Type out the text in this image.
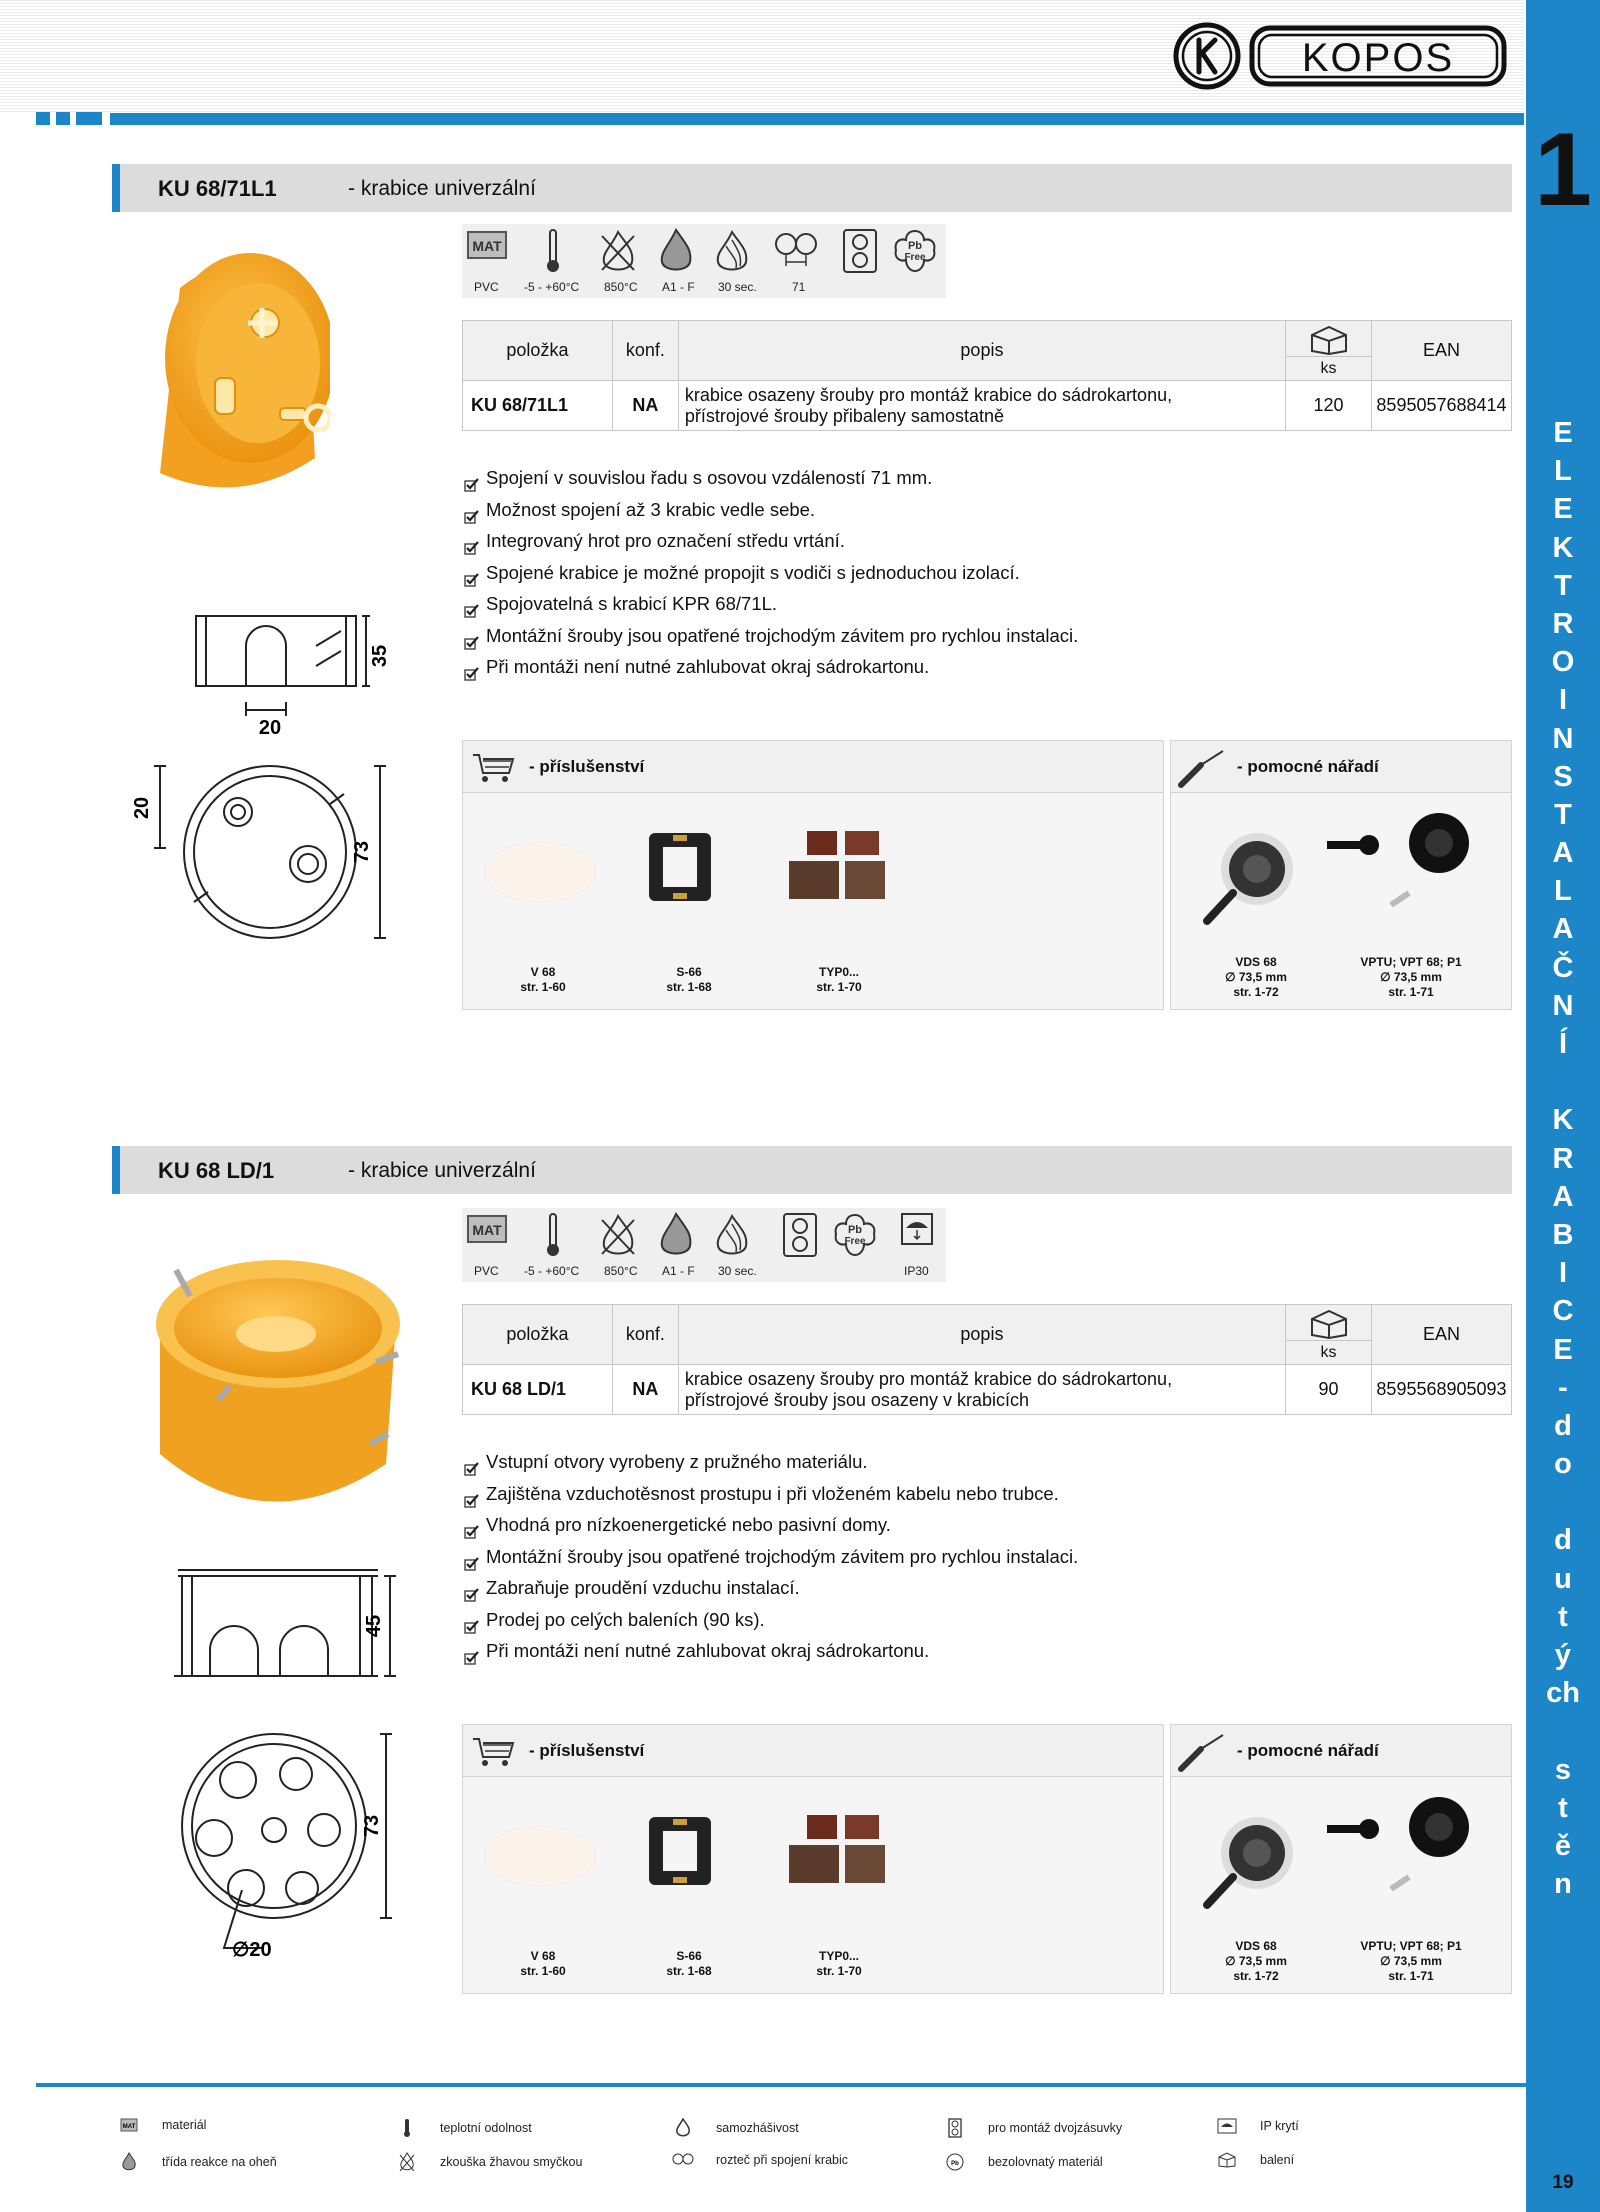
KOPOS
1
E
L
E
K
T
R
O
I
N
S
T
A
L
A
Č
N
Í
K
R
A
B
I
C
E
-
d
o
d
u
t
ý
ch
s
t
ě
n
19
KU 68/71L1	- krabice univerzální
35
20
20
73
MAT	Pb
Free
PVC -5 - +60°C 850°C A1 - F 30 sec.	71
položka	konf.	popis	ks	EAN
KU 68/71L1	NA	krabice osazeny šrouby pro montáž krabice do sádrokartonu,
přístrojové šrouby přibaleny samostatně	120	8595057688414
Spojení v souvislou řadu s osovou vzdáleností 71 mm.
Možnost spojení až 3 krabic vedle sebe.
Integrovaný hrot pro označení středu vrtání.
Spojené krabice je možné propojit s vodiči s jednoduchou izolací.
Spojovatelná s krabicí KPR 68/71L.
Montážní šrouby jsou opatřené trojchodým závitem pro rychlou instalaci.
Při montáži není nutné zahlubovat okraj sádrokartonu.
- příslušenství
V 68
str. 1-60
S-66
str. 1-68
TYP0...
str. 1-70
- pomocné nářadí
VDS 68
∅ 73,5 mm
str. 1-72
VPTU; VPT 68; P1
∅ 73,5 mm
str. 1-71
KU 68 LD/1	- krabice univerzální
45
73
∅20
MAT	Pb
Free
PVC -5 - +60°C 850°C A1 - F 30 sec.	IP30
položka	konf.	popis	ks	EAN
KU 68 LD/1	NA	krabice osazeny šrouby pro montáž krabice do sádrokartonu,
přístrojové šrouby jsou osazeny v krabicích	90	8595568905093
Vstupní otvory vyrobeny z pružného materiálu.
Zajištěna vzduchotěsnost prostupu i při vloženém kabelu nebo trubce.
Vhodná pro nízkoenergetické nebo pasivní domy.
Montážní šrouby jsou opatřené trojchodým závitem pro rychlou instalaci.
Zabraňuje proudění vzduchu instalací.
Prodej po celých baleních (90 ks).
Při montáži není nutné zahlubovat okraj sádrokartonu.
- příslušenství
V 68
str. 1-60
S-66
str. 1-68
TYP0...
str. 1-70
- pomocné nářadí
VDS 68
∅ 73,5 mm
str. 1-72
VPTU; VPT 68; P1
∅ 73,5 mm
str. 1-71
MAT materiál	teplotní odolnost	samozhášivost	pro montáž dvojzásuvky	IP krytí
třída reakce na oheň	zkouška žhavou smyčkou	rozteč při spojení krabic	Pb bezolovnatý materiál	balení
